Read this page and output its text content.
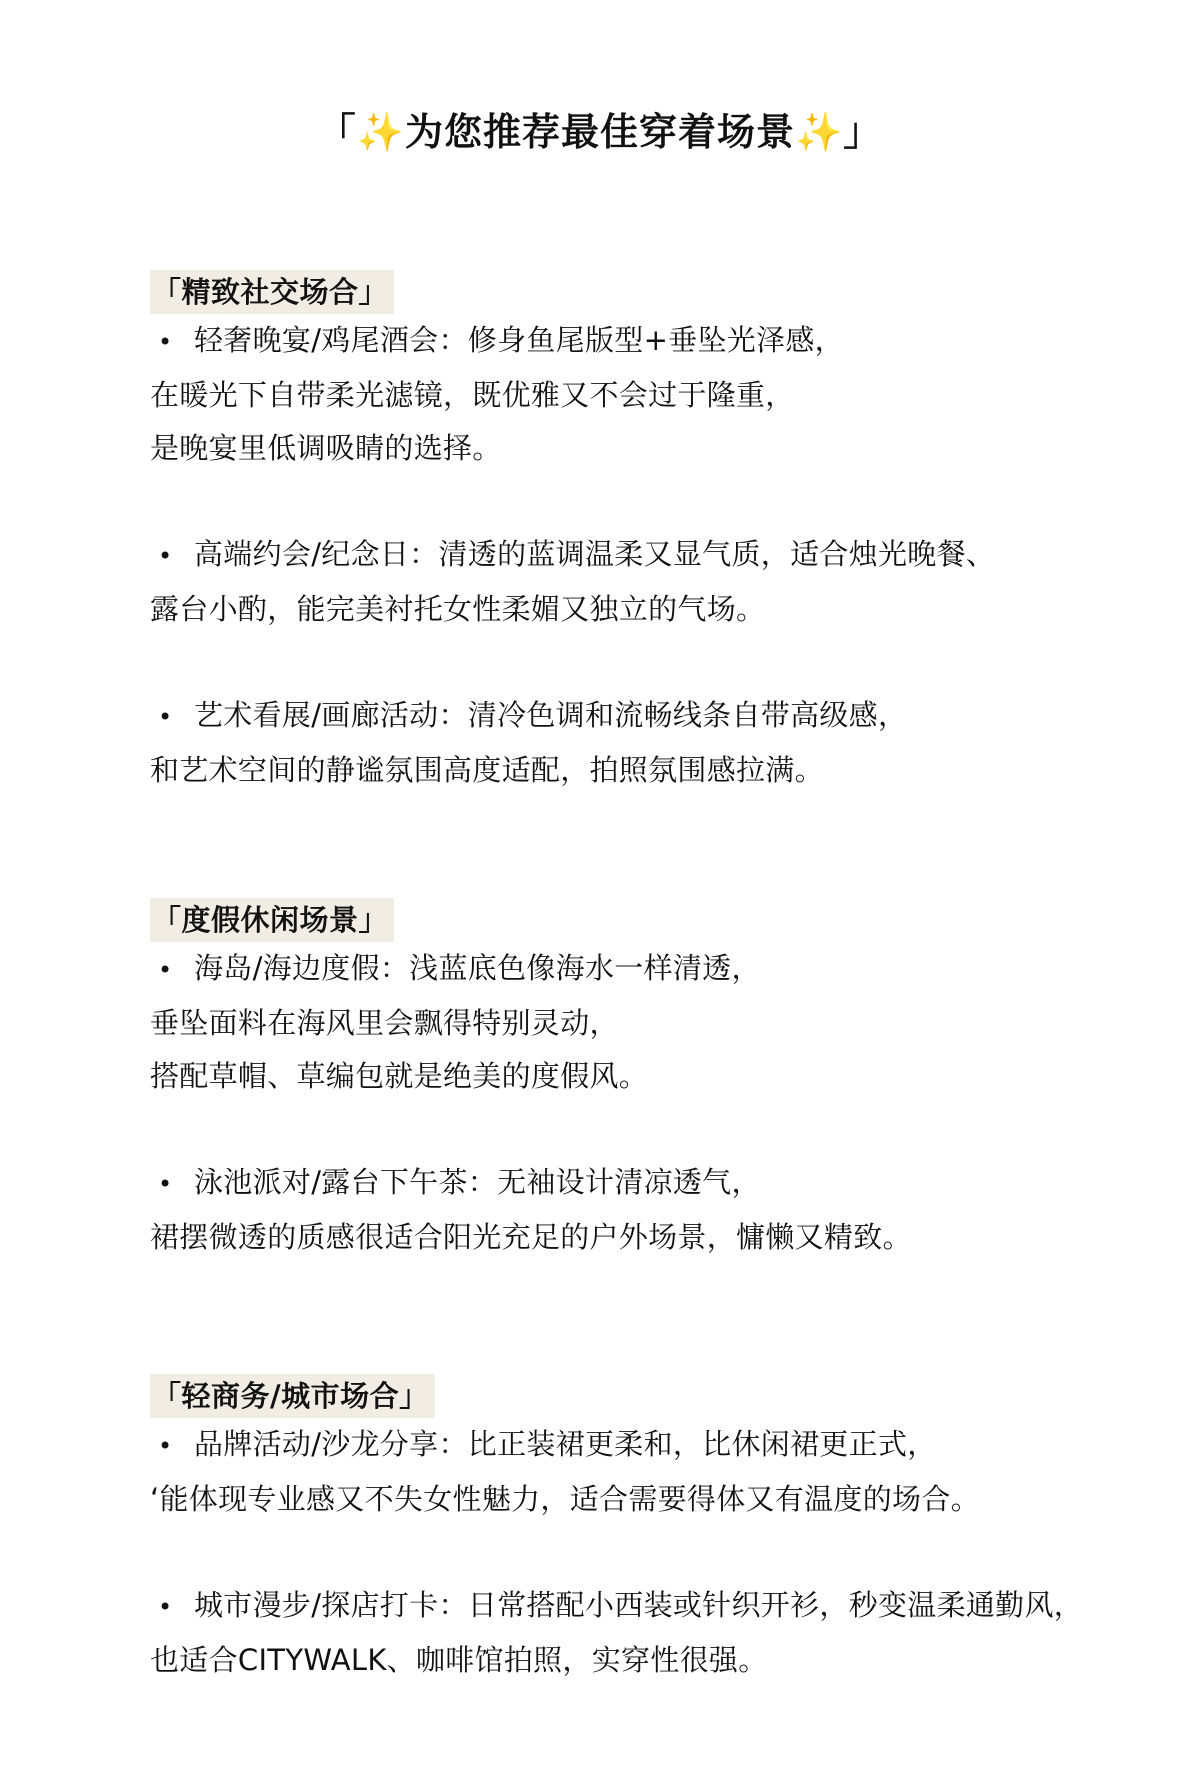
「✨为您推荐最佳穿着场景✨」
「精致社交场合」
• 轻奢晚宴/鸡尾酒会：修身鱼尾版型+垂坠光泽感，
在暖光下自带柔光滤镜，既优雅又不会过于隆重，
是晚宴里低调吸睛的选择。
• 高端约会/纪念日：清透的蓝调温柔又显气质，适合烛光晚餐、
露台小酌，能完美衬托女性柔媚又独立的气场。
• 艺术看展/画廊活动：清冷色调和流畅线条自带高级感，
和艺术空间的静谧氛围高度适配，拍照氛围感拉满。
「度假休闲场景」
• 海岛/海边度假：浅蓝底色像海水一样清透，
垂坠面料在海风里会飘得特别灵动，
搭配草帽、草编包就是绝美的度假风。
• 泳池派对/露台下午茶：无袖设计清凉透气，
裙摆微透的质感很适合阳光充足的户外场景，慵懒又精致。
「轻商务/城市场合」
• 品牌活动/沙龙分享：比正装裙更柔和，比休闲裙更正式，
‘能体现专业感又不失女性魅力，适合需要得体又有温度的场合。
• 城市漫步/探店打卡：日常搭配小西装或针织开衫，秒变温柔通勤风，
也适合CITYWALK、咖啡馆拍照，实穿性很强。
